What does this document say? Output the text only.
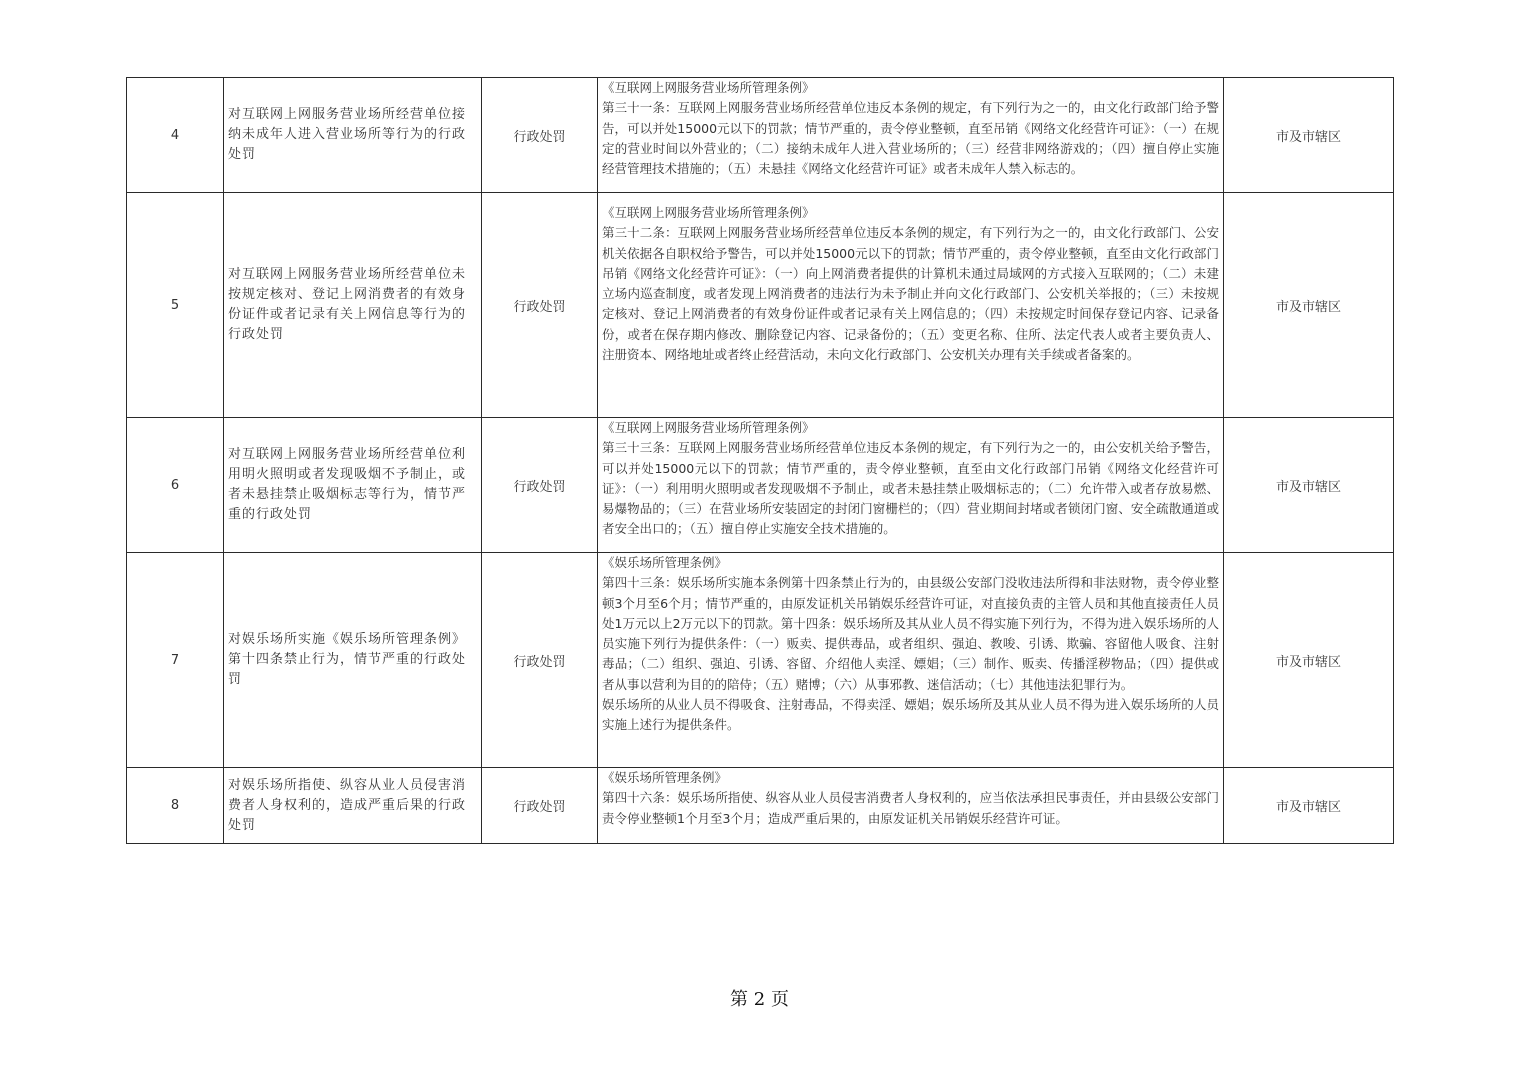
4	对互联网上网服务营业场所经营单位接纳未成年人进入营业场所等行为的行政处罚	行政处罚	《互联网上网服务营业场所管理条例》

第三十一条：互联网上网服务营业场所经营单位违反本条例的规定，有下列行为之一的，由文化行政部门给予警告，可以并处15000元以下的罚款；情节严重的，责令停业整顿，直至吊销《网络文化经营许可证》：（一）在规定的营业时间以外营业的；（二）接纳未成年人进入营业场所的；（三）经营非网络游戏的；（四）擅自停止实施经营管理技术措施的；（五）未悬挂《网络文化经营许可证》或者未成年人禁入标志的。	市及市辖区
5	对互联网上网服务营业场所经营单位未按规定核对、登记上网消费者的有效身份证件或者记录有关上网信息等行为的行政处罚	行政处罚	《互联网上网服务营业场所管理条例》

第三十二条：互联网上网服务营业场所经营单位违反本条例的规定，有下列行为之一的，由文化行政部门、公安机关依据各自职权给予警告，可以并处15000元以下的罚款；情节严重的，责令停业整顿，直至由文化行政部门吊销《网络文化经营许可证》：（一）向上网消费者提供的计算机未通过局域网的方式接入互联网的；（二）未建立场内巡查制度，或者发现上网消费者的违法行为未予制止并向文化行政部门、公安机关举报的；（三）未按规定核对、登记上网消费者的有效身份证件或者记录有关上网信息的；（四）未按规定时间保存登记内容、记录备份，或者在保存期内修改、删除登记内容、记录备份的；（五）变更名称、住所、法定代表人或者主要负责人、注册资本、网络地址或者终止经营活动，未向文化行政部门、公安机关办理有关手续或者备案的。	市及市辖区
6	对互联网上网服务营业场所经营单位利用明火照明或者发现吸烟不予制止，或者未悬挂禁止吸烟标志等行为，情节严重的行政处罚	行政处罚	《互联网上网服务营业场所管理条例》

第三十三条：互联网上网服务营业场所经营单位违反本条例的规定，有下列行为之一的，由公安机关给予警告，可以并处15000元以下的罚款；情节严重的，责令停业整顿，直至由文化行政部门吊销《网络文化经营许可证》：（一）利用明火照明或者发现吸烟不予制止，或者未悬挂禁止吸烟标志的；（二）允许带入或者存放易燃、易爆物品的；（三）在营业场所安装固定的封闭门窗栅栏的；（四）营业期间封堵或者锁闭门窗、安全疏散通道或者安全出口的；（五）擅自停止实施安全技术措施的。	市及市辖区
7	对娱乐场所实施《娱乐场所管理条例》第十四条禁止行为，情节严重的行政处罚	行政处罚	《娱乐场所管理条例》

第四十三条：娱乐场所实施本条例第十四条禁止行为的，由县级公安部门没收违法所得和非法财物，责令停业整顿3个月至6个月；情节严重的，由原发证机关吊销娱乐经营许可证，对直接负责的主管人员和其他直接责任人员处1万元以上2万元以下的罚款。第十四条：娱乐场所及其从业人员不得实施下列行为，不得为进入娱乐场所的人员实施下列行为提供条件：（一）贩卖、提供毒品，或者组织、强迫、教唆、引诱、欺骗、容留他人吸食、注射毒品；（二）组织、强迫、引诱、容留、介绍他人卖淫、嫖娼；（三）制作、贩卖、传播淫秽物品；（四）提供或者从事以营利为目的的陪侍；（五）赌博；（六）从事邪教、迷信活动；（七）其他违法犯罪行为。

娱乐场所的从业人员不得吸食、注射毒品，不得卖淫、嫖娼；娱乐场所及其从业人员不得为进入娱乐场所的人员实施上述行为提供条件。	市及市辖区
8	对娱乐场所指使、纵容从业人员侵害消费者人身权利的，造成严重后果的行政处罚	行政处罚	《娱乐场所管理条例》

第四十六条：娱乐场所指使、纵容从业人员侵害消费者人身权利的，应当依法承担民事责任，并由县级公安部门责令停业整顿1个月至3个月；造成严重后果的，由原发证机关吊销娱乐经营许可证。	市及市辖区
第 2 页
